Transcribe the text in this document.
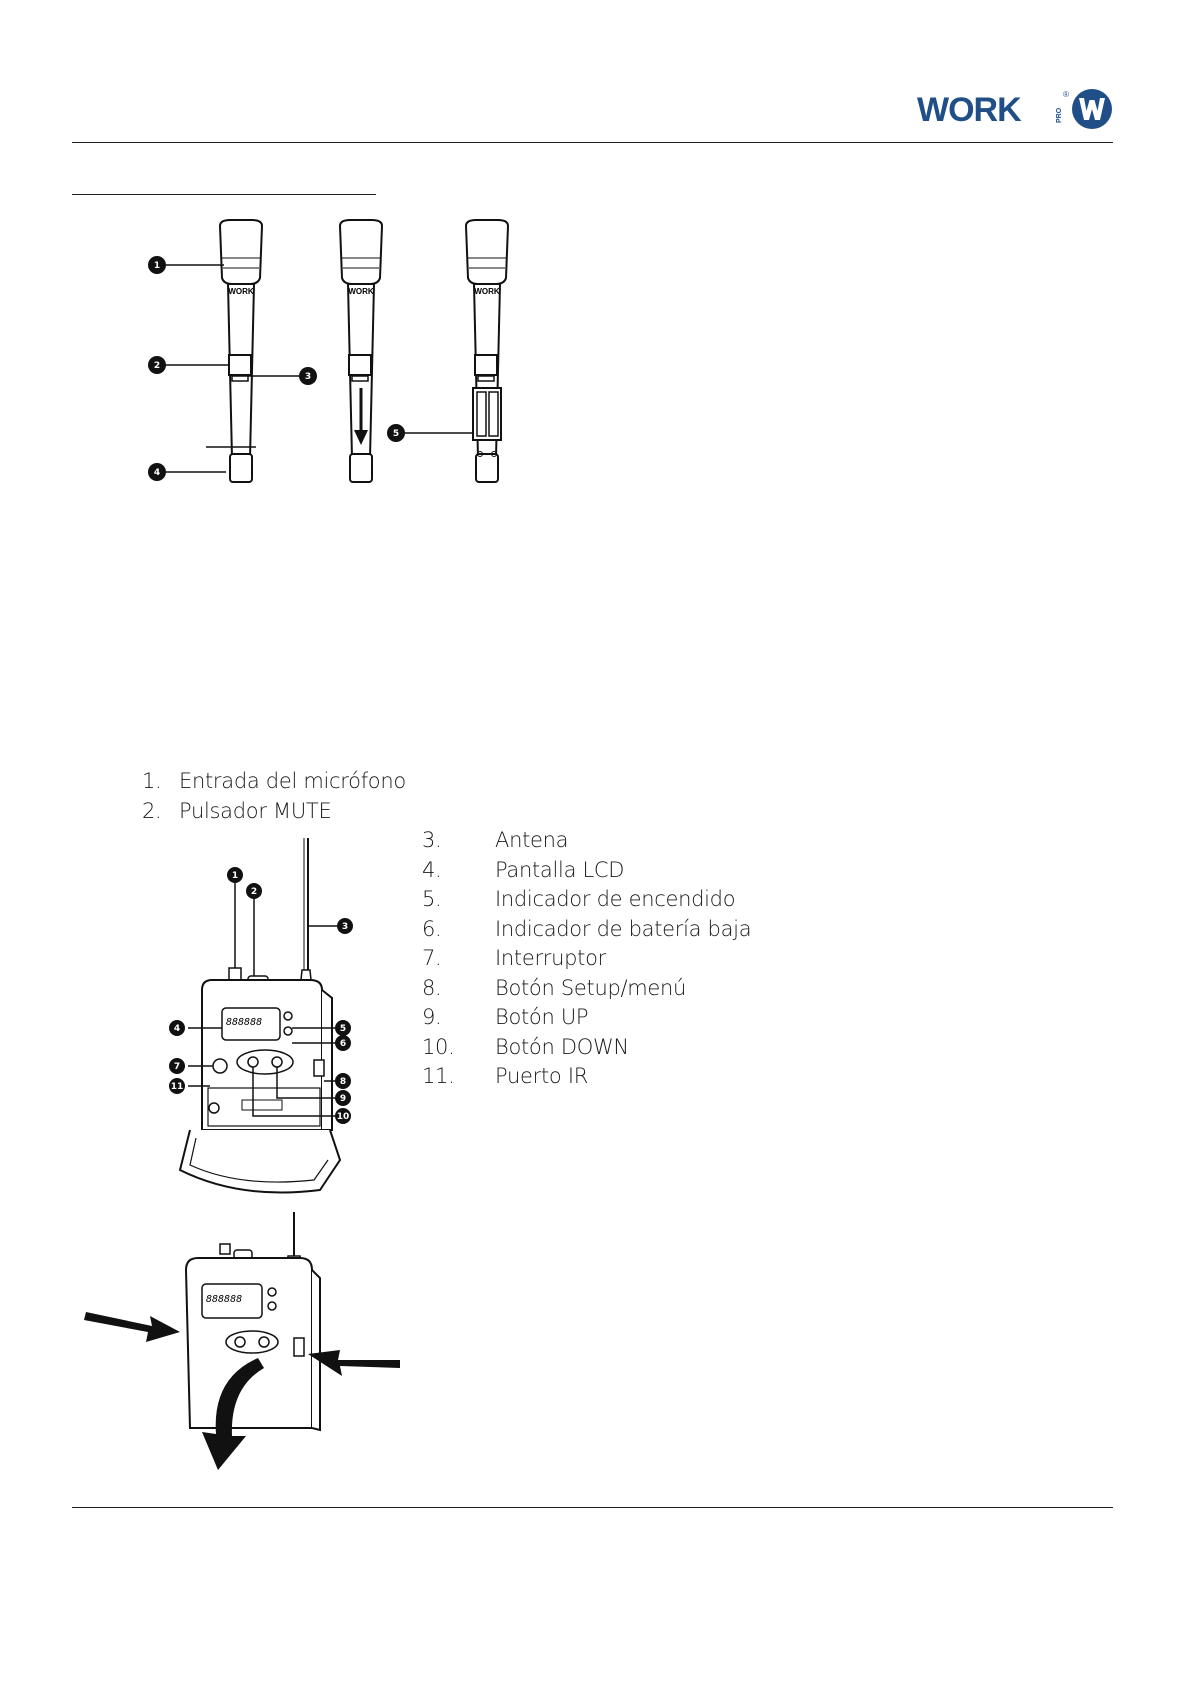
WORK	®
PRO
WORK	WORK	WORK
1
2
3
4
5
1. Entrada del micrófono
2. Pulsador MUTE
3.	Antena
4.	Pantalla LCD
5.	Indicador de encendido
6.	Indicador de batería baja
7.	Interruptor
8.	Botón Setup/menú
9.	Botón UP
10. Botón DOWN
11. Puerto IR
888888
1
2
3
4	5
6
7
8
9
10
11
888888
